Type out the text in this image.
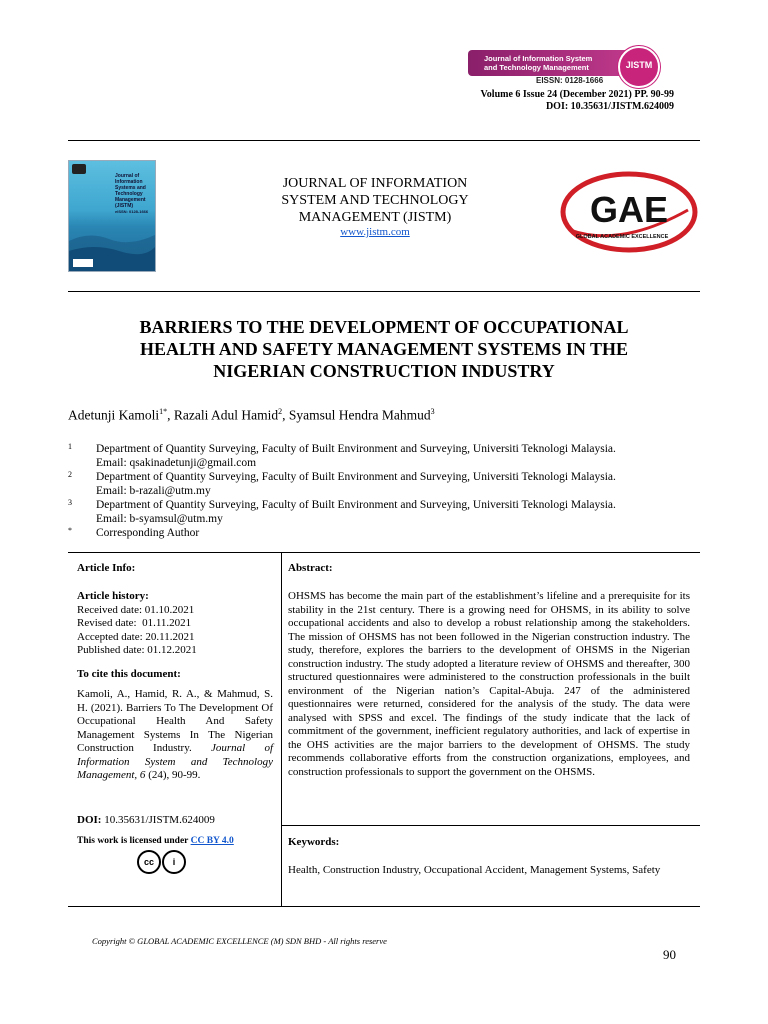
Journal of Information System
and Technology Management
EISSN: 0128-1666
JISTM
Volume 6 Issue 24 (December 2021) PP. 90-99
DOI: 10.35631/JISTM.624009
Journal of
Information
Systems and
Technology
Management
(JISTM)
eISSN: 0128-1666
JOURNAL OF INFORMATION
SYSTEM AND TECHNOLOGY
MANAGEMENT (JISTM)
www.jistm.com
GAE
GLOBAL ACADEMIC EXCELLENCE
BARRIERS TO THE DEVELOPMENT OF OCCUPATIONAL
HEALTH AND SAFETY MANAGEMENT SYSTEMS IN THE
NIGERIAN CONSTRUCTION INDUSTRY
Adetunji Kamoli$^{1*}$, Razali Adul Hamid$^2$, Syamsul Hendra Mahmud$^3$
1 Department of Quantity Surveying, Faculty of Built Environment and Surveying, Universiti Teknologi Malaysia.
Email: qsakinadetunji@gmail.com
2 Department of Quantity Surveying, Faculty of Built Environment and Surveying, Universiti Teknologi Malaysia.
Email: b-razali@utm.my
3 Department of Quantity Surveying, Faculty of Built Environment and Surveying, Universiti Teknologi Malaysia.
Email: b-syamsul@utm.my
* Corresponding Author
Article Info:
Article history:
Received date: 01.10.2021
Revised date:  01.11.2021
Accepted date: 20.11.2021
Published date: 01.12.2021
To cite this document:
Kamoli, A., Hamid, R. A., & Mahmud, S. H. (2021). Barriers To The Development Of Occupational Health And Safety Management Systems In The Nigerian Construction Industry. Journal of Information System and Technology Management, 6 (24), 90-99.
DOI: 10.35631/JISTM.624009
This work is licensed under CC BY 4.0
cc	i
Abstract:
OHSMS has become the main part of the establishment’s lifeline and a prerequisite for its stability in the 21st century. There is a growing need for OHSMS, in its ability to solve occupational accidents and also to develop a robust relationship among the stakeholders. The mission of OHSMS has not been followed in the Nigerian construction industry. The study, therefore, explores the barriers to the development of OHSMS in the Nigerian construction industry. The study adopted a literature review of OHSMS and thereafter, 300 structured questionnaires were administered to the construction professionals in the built environment of the Nigerian nation’s Capital-Abuja. 247 of the administered questionnaires were returned, considered for the analysis of the study. The data were analysed with SPSS and excel. The findings of the study indicate that the lack of commitment of the government, inefficient regulatory authorities, and lack of expertise in the OHS activities are the major barriers to the development of OHSMS. The study recommends collaborative efforts from the construction organizations, employees, and construction professionals to support the government on the OHSMS.
Keywords:
Health, Construction Industry, Occupational Accident, Management Systems, Safety
Copyright © GLOBAL ACADEMIC EXCELLENCE (M) SDN BHD - All rights reserve
90
